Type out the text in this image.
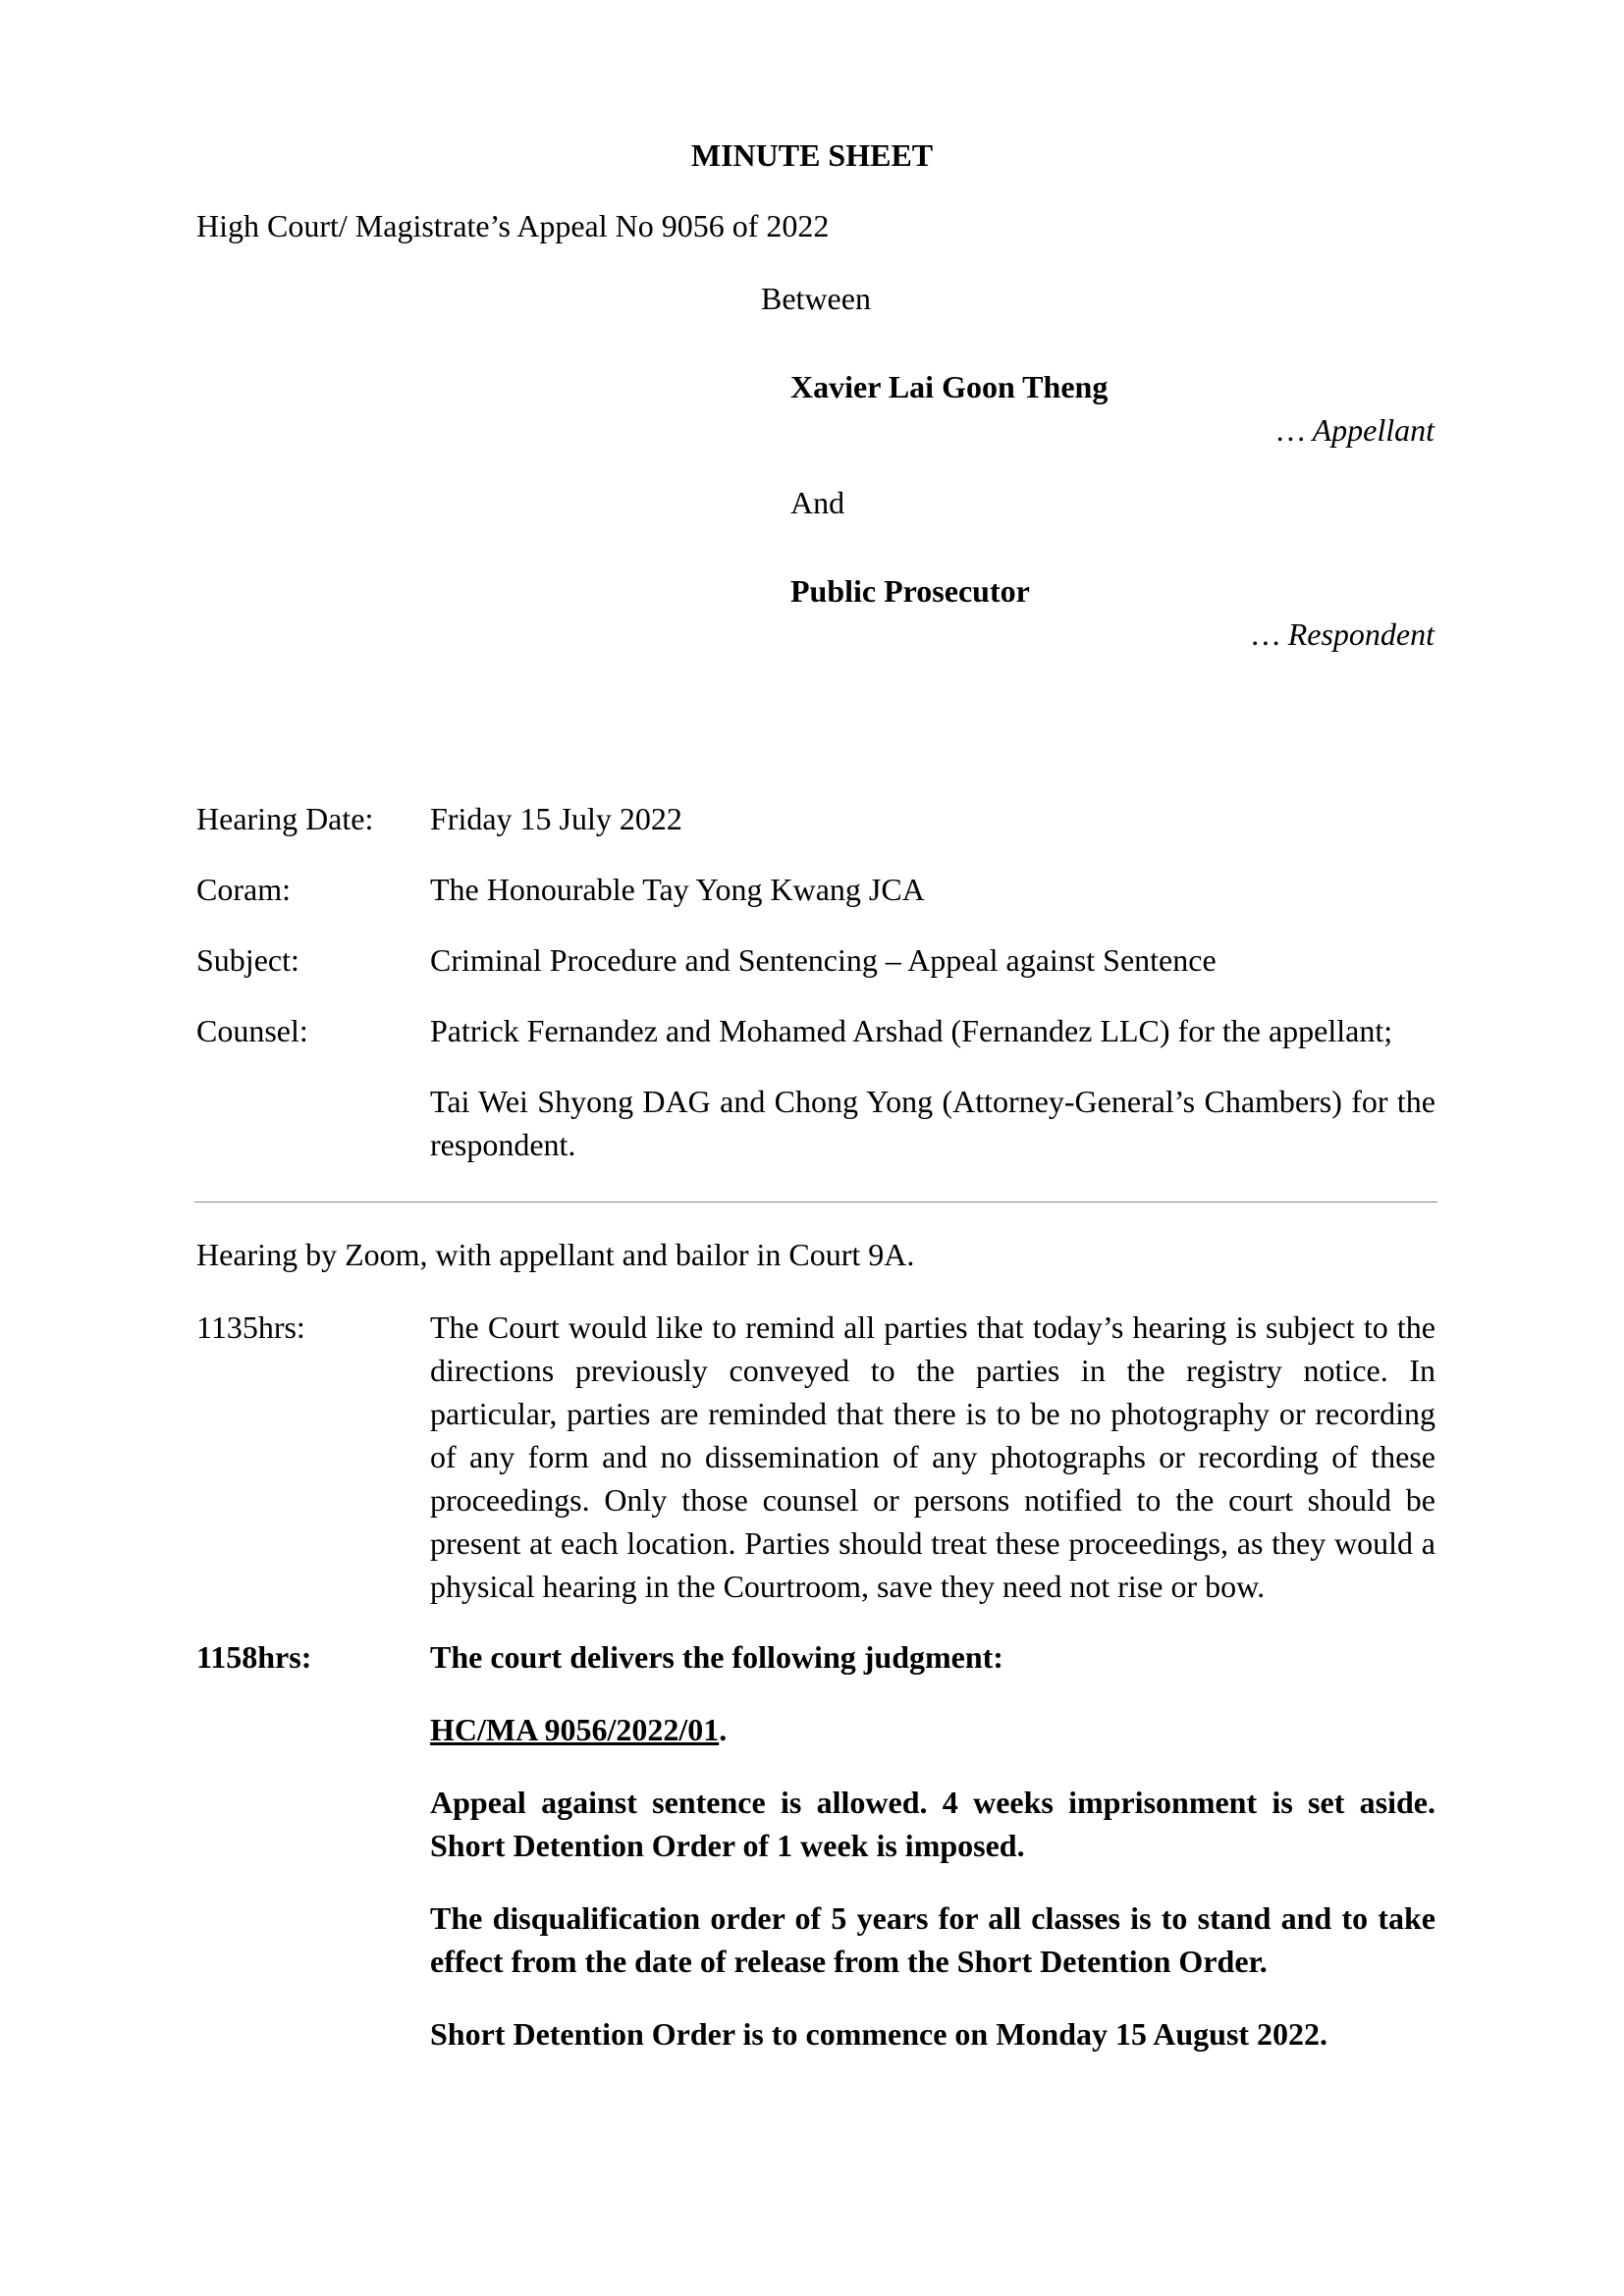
MINUTE SHEET
High Court/ Magistrate’s Appeal No 9056 of 2022
Between
Xavier Lai Goon Theng
… Appellant
And
Public Prosecutor
… Respondent
Hearing Date: Friday 15 July 2022
Coram:	The Honourable Tay Yong Kwang JCA
Subject:	Criminal Procedure and Sentencing – Appeal against Sentence
Counsel:	Patrick Fernandez and Mohamed Arshad (Fernandez LLC) for the appellant;
Tai Wei Shyong DAG and Chong Yong (Attorney-General’s Chambers) for the respondent.
Hearing by Zoom, with appellant and bailor in Court 9A.
1135hrs:	The Court would like to remind all parties that today’s hearing is subject to the directions previously conveyed to the parties in the registry notice. In particular, parties are reminded that there is to be no photography or recording of any form and no dissemination of any photographs or recording of these proceedings. Only those counsel or persons notified to the court should be present at each location. Parties should treat these proceedings, as they would a physical hearing in the Courtroom, save they need not rise or bow.
1158hrs:	The court delivers the following judgment:
HC/MA 9056/2022/01.
Appeal against sentence is allowed. 4 weeks imprisonment is set aside. Short Detention Order of 1 week is imposed.
The disqualification order of 5 years for all classes is to stand and to take effect from the date of release from the Short Detention Order.
Short Detention Order is to commence on Monday 15 August 2022.
